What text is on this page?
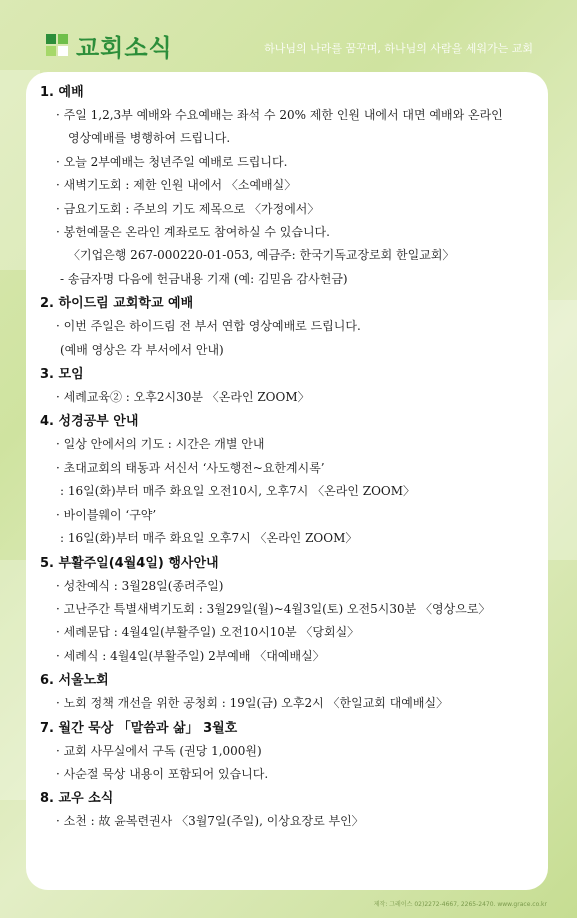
교회소식	하나님의 나라를 꿈꾸며, 하나님의 사람을 세워가는 교회
1. 예배
· 주일 1,2,3부 예배와 수요예배는 좌석 수 20% 제한 인원 내에서 대면 예배와 온라인
영상예배를 병행하여 드립니다.
· 오늘 2부예배는 청년주일 예배로 드립니다.
· 새벽기도회 : 제한 인원 내에서 〈소예배실〉
· 금요기도회 : 주보의 기도 제목으로 〈가정에서〉
· 봉헌예물은 온라인 계좌로도 참여하실 수 있습니다.
〈기업은행 267-000220-01-053, 예금주: 한국기독교장로회 한일교회〉
- 송금자명 다음에 헌금내용 기재 (예: 김믿음 감사헌금)
2. 하이드림 교회학교 예배
· 이번 주일은 하이드림 전 부서 연합 영상예배로 드립니다.
(예배 영상은 각 부서에서 안내)
3. 모임
· 세례교육② : 오후2시30분 〈온라인 ZOOM〉
4. 성경공부 안내
· 일상 안에서의 기도 : 시간은 개별 안내
· 초대교회의 태동과 서신서 ‘사도행전~요한계시록’
: 16일(화)부터 매주 화요일 오전10시, 오후7시 〈온라인 ZOOM〉
· 바이블웨이 ‘구약’
: 16일(화)부터 매주 화요일 오후7시 〈온라인 ZOOM〉
5. 부활주일(4월4일) 행사안내
· 성찬예식 : 3월28일(종려주일)
· 고난주간 특별새벽기도회 : 3월29일(월)~4월3일(토) 오전5시30분 〈영상으로〉
· 세례문답 : 4월4일(부활주일) 오전10시10분 〈당회실〉
· 세례식 : 4월4일(부활주일) 2부예배 〈대예배실〉
6. 서울노회
· 노회 정책 개선을 위한 공청회 : 19일(금) 오후2시 〈한일교회 대예배실〉
7. 월간 묵상 「말씀과 삶」 3월호
· 교회 사무실에서 구독 (권당 1,000원)
· 사순절 묵상 내용이 포함되어 있습니다.
8. 교우 소식
· 소천 : 故 윤복련권사 〈3월7일(주일), 이상요장로 부인〉
제작: 그레이스 02)2272-4667, 2265-2470. www.grace.co.kr
